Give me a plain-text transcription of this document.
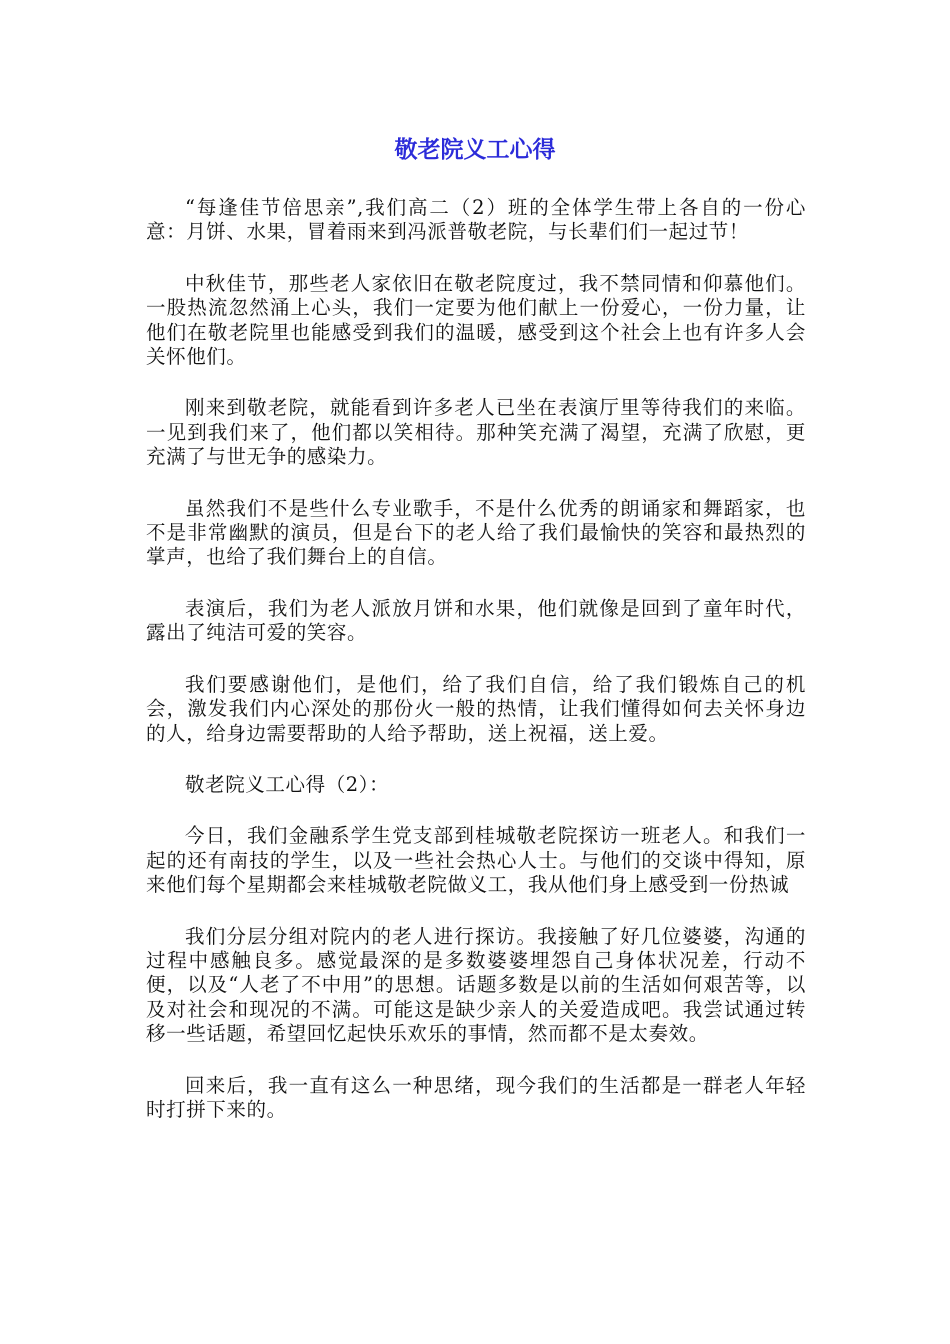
敬老院义工心得

“每逢佳节倍思亲”,我们高二（2）班的全体学生带上各自的一份心意：月饼、水果，冒着雨来到冯派普敬老院，与长辈们们一起过节！

中秋佳节，那些老人家依旧在敬老院度过，我不禁同情和仰慕他们。一股热流忽然涌上心头，我们一定要为他们献上一份爱心，一份力量，让他们在敬老院里也能感受到我们的温暖，感受到这个社会上也有许多人会关怀他们。

刚来到敬老院，就能看到许多老人已坐在表演厅里等待我们的来临。一见到我们来了，他们都以笑相待。那种笑充满了渴望，充满了欣慰，更充满了与世无争的感染力。

虽然我们不是些什么专业歌手，不是什么优秀的朗诵家和舞蹈家，也不是非常幽默的演员，但是台下的老人给了我们最愉快的笑容和最热烈的掌声，也给了我们舞台上的自信。

表演后，我们为老人派放月饼和水果，他们就像是回到了童年时代，露出了纯洁可爱的笑容。

我们要感谢他们，是他们，给了我们自信，给了我们锻炼自己的机会，激发我们内心深处的那份火一般的热情，让我们懂得如何去关怀身边的人，给身边需要帮助的人给予帮助，送上祝福，送上爱。

敬老院义工心得（2）：

今日，我们金融系学生党支部到桂城敬老院探访一班老人。和我们一起的还有南技的学生，以及一些社会热心人士。与他们的交谈中得知，原来他们每个星期都会来桂城敬老院做义工，我从他们身上感受到一份热诚

我们分层分组对院内的老人进行探访。我接触了好几位婆婆，沟通的过程中感触良多。感觉最深的是多数婆婆埋怨自己身体状况差，行动不便，以及“人老了不中用”的思想。话题多数是以前的生活如何艰苦等，以及对社会和现况的不满。可能这是缺少亲人的关爱造成吧。我尝试通过转移一些话题，希望回忆起快乐欢乐的事情，然而都不是太奏效。

回来后，我一直有这么一种思绪，现今我们的生活都是一群老人年轻时打拼下来的。
